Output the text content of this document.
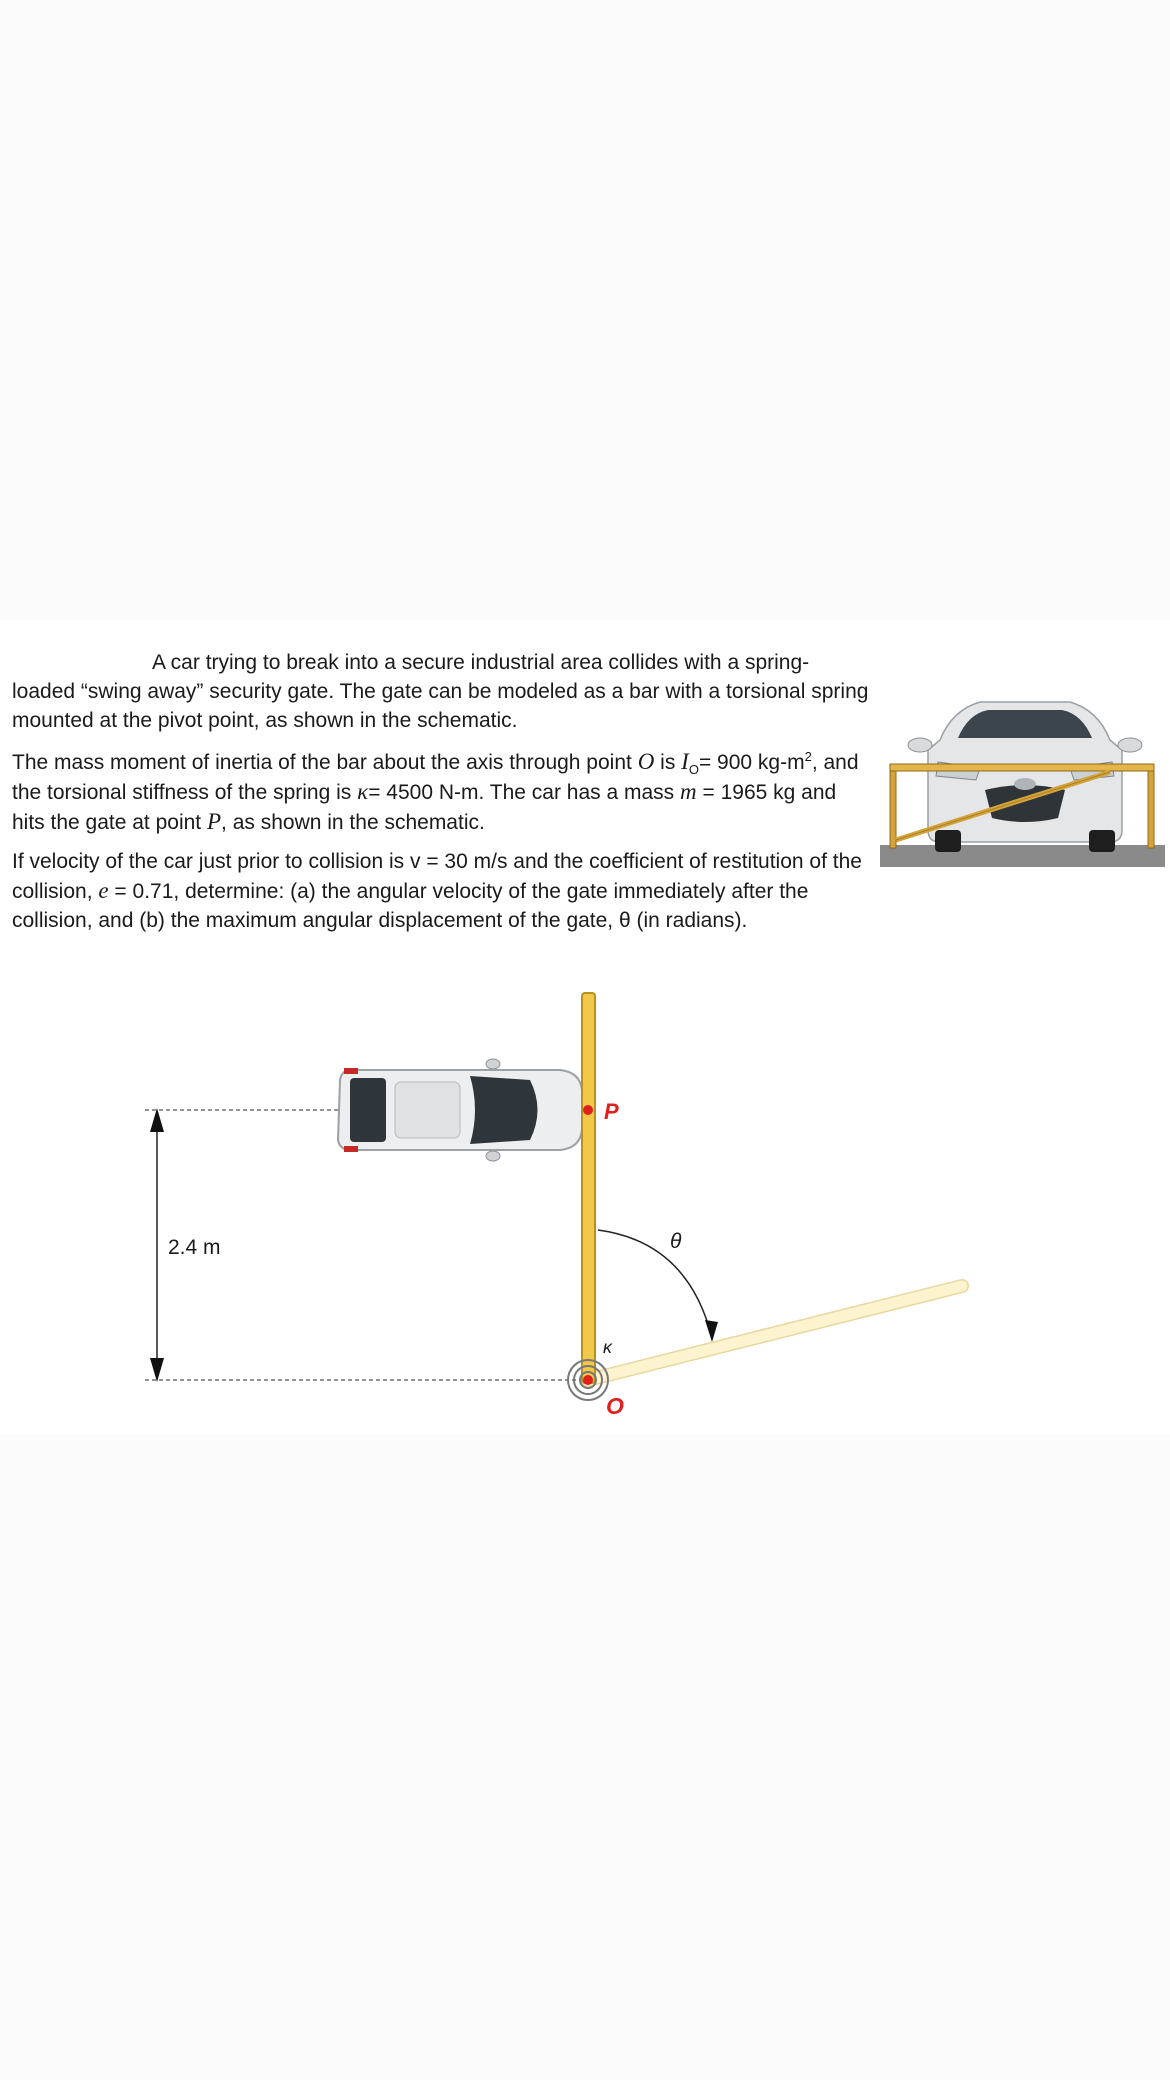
A car trying to break into a secure industrial area collides with a spring-loaded “swing away” security gate. The gate can be modeled as a bar with a torsional spring mounted at the pivot point, as shown in the schematic.

The mass moment of inertia of the bar about the axis through point O is $I_O= 900$ $kg-m^2$, and the torsional stiffness of the spring is κ= 4500 N-m. The car has a mass m = 1965 kg and hits the gate at point P, as shown in the schematic.

If velocity of the car just prior to collision is v = 30 m/s and the coefficient of restitution of the collision, e = 0.71, determine: (a) the angular velocity of the gate immediately after the collision, and (b) the maximum angular displacement of the gate, θ (in radians).

2.4 m	θ
P
O
κ
